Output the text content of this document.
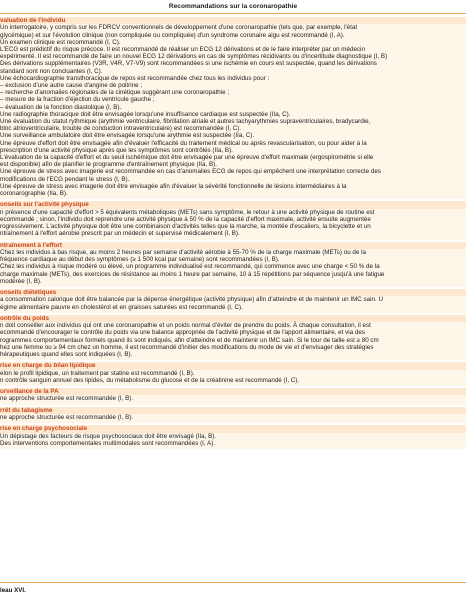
Recommandations sur la coronaropathie
valuation de l'individu
Un interrogatoire, y compris sur les FDRCV conventionnels de développement d'une coronaropathie (tels que, par exemple, l'état
glycémique) et sur l'évolution clinique (non compliquée ou compliquée) d'un syndrome coronaire aigu est recommandé (I, A).
Un examen clinique est recommandé (I, C).
L'ECG est prédictif du risque précoce. Il est recommandé de réaliser un ECG 12 dérivations et de le faire interpréter par un médecin
expérimenté. Il est recommandé de faire un nouvel ECG 12 dérivations en cas de symptômes récidivants ou d'incertitude diagnostique (I, B)
Des dérivations supplémentaires (V3R, V4R, V7-V9) sont recommandées si une ischémie en cours est suspectée, quand les dérivations
standard sont non concluantes (I, C).
Une échocardiographie transthoracique de repos est recommandée chez tous les individus pour :
– exclusion d'une autre cause d'angine de poitrine ;
– recherche d'anomalies régionales de la cinétique suggérant une coronaropathie ;
– mesure de la fraction d'éjection du ventricule gauche ;
– évaluation de la fonction diastolique (I, B).
Une radiographie thoracique doit être envisagée lorsqu'une insuffisance cardiaque est suspectée (IIa, C).
Une évaluation du statut rythmique (arythmie ventriculaire, fibrillation atriale et autres tachyarythmies supraventriculaires, bradycardie,
bloc atrioventriculaire, trouble de conduction intraventriculaire) est recommandée (I, C).
Une surveillance ambulatoire doit être envisagée lorsqu'une arythmie est suspectée (IIa, C).
Une épreuve d'effort doit être envisagée afin d'évaluer l'efficacité du traitement médical ou après revascularisation, ou pour aider à la
prescription d'une activité physique après que les symptômes sont contrôlés (IIa, B).
L'évaluation de la capacité d'effort et du seuil ischémique doit être envisagée par une épreuve d'effort maximale (ergospirométrie si elle
est disponible) afin de planifier le programme d'entraînement physique (IIa, B).
Une épreuve de stress avec imagerie est recommandée en cas d'anomalies ECG de repos qui empêchent une interprétation correcte des
modifications de l'ECG pendant le stress (I, B).
Une épreuve de stress avec imagerie doit être envisagée afin d'évaluer la sévérité fonctionnelle de lésions intermédiaires à la
coronarographie (IIa, B).
onseils sur l'activité physique
n présence d'une capacité d'effort > 5 équivalents métaboliques (METs) sans symptôme, le retour à une activité physique de routine est
ecommandé ; sinon, l'individu doit reprendre une activité physique à 50 % de la capacité d'effort maximale, activité ensuite augmentée
rogressivement. L'activité physique doit être une combinaison d'activités telles que la marche, la montée d'escaliers, la bicyclette et un
ntraînement à l'effort aérobie prescrit par un médecin et supervisé médicalement (I, B).
ntraînement à l'effort
Chez les individus à bas risque, au moins 2 heures par semaine d'activité aérobie à 55-70 % de la charge maximale (METs) ou de la
fréquence cardiaque au début des symptômes (≥ 1 500 kcal par semaine) sont recommandées (I, B).
Chez les individus à risque modéré ou élevé, un programme individualisé est recommandé, qui commence avec une charge < 50 % de la
charge maximale (METs), des exercices de résistance au moins 1 heure par semaine, 10 à 15 répétitions par séquence jusqu'à une fatigue
modérée (I, B).
onseils diététiques
a consommation calorique doit être balancée par la dépense énergétique (activité physique) afin d'atteindre et de maintenir un IMC sain. U
égime alimentaire pauvre en cholestérol et en graisses saturées est recommandé (I, C).
ontrôle du poids
n doit conseiller aux individus qui ont une coronaropathie et un poids normal d'éviter de prendre du poids. À chaque consultation, il est
ecommandé d'encourager le contrôle du poids via une balance appropriée de l'activité physique et de l'apport alimentaire, et via des
rogrammes comportementaux formels quand ils sont indiqués, afin d'atteindre et de maintenir un IMC sain. Si le tour de taille est ≥ 80 cm
hez une femme ou ≥ 94 cm chez un homme, il est recommandé d'initier des modifications du mode de vie et d'envisager des stratégies
hérapeutiques quand elles sont indiquées (I, B).
rise en charge du bilan lipidique
elon le profil lipidique, un traitement par statine est recommandé (I, B).
n contrôle sanguin annuel des lipides, du métabolisme du glucose et de la créatinine est recommandé (I, C).
urveillance de la PA
ne approche structurée est recommandée (I, B).
rrêt du tabagisme
ne approche structurée est recommandée (I, B).
rise en charge psychosociale
Un dépistage des facteurs de risque psychosociaux doit être envisagé (IIa, B).
Des interventions comportementales multimodales sont recommandées (I, A).
leau XVI.
